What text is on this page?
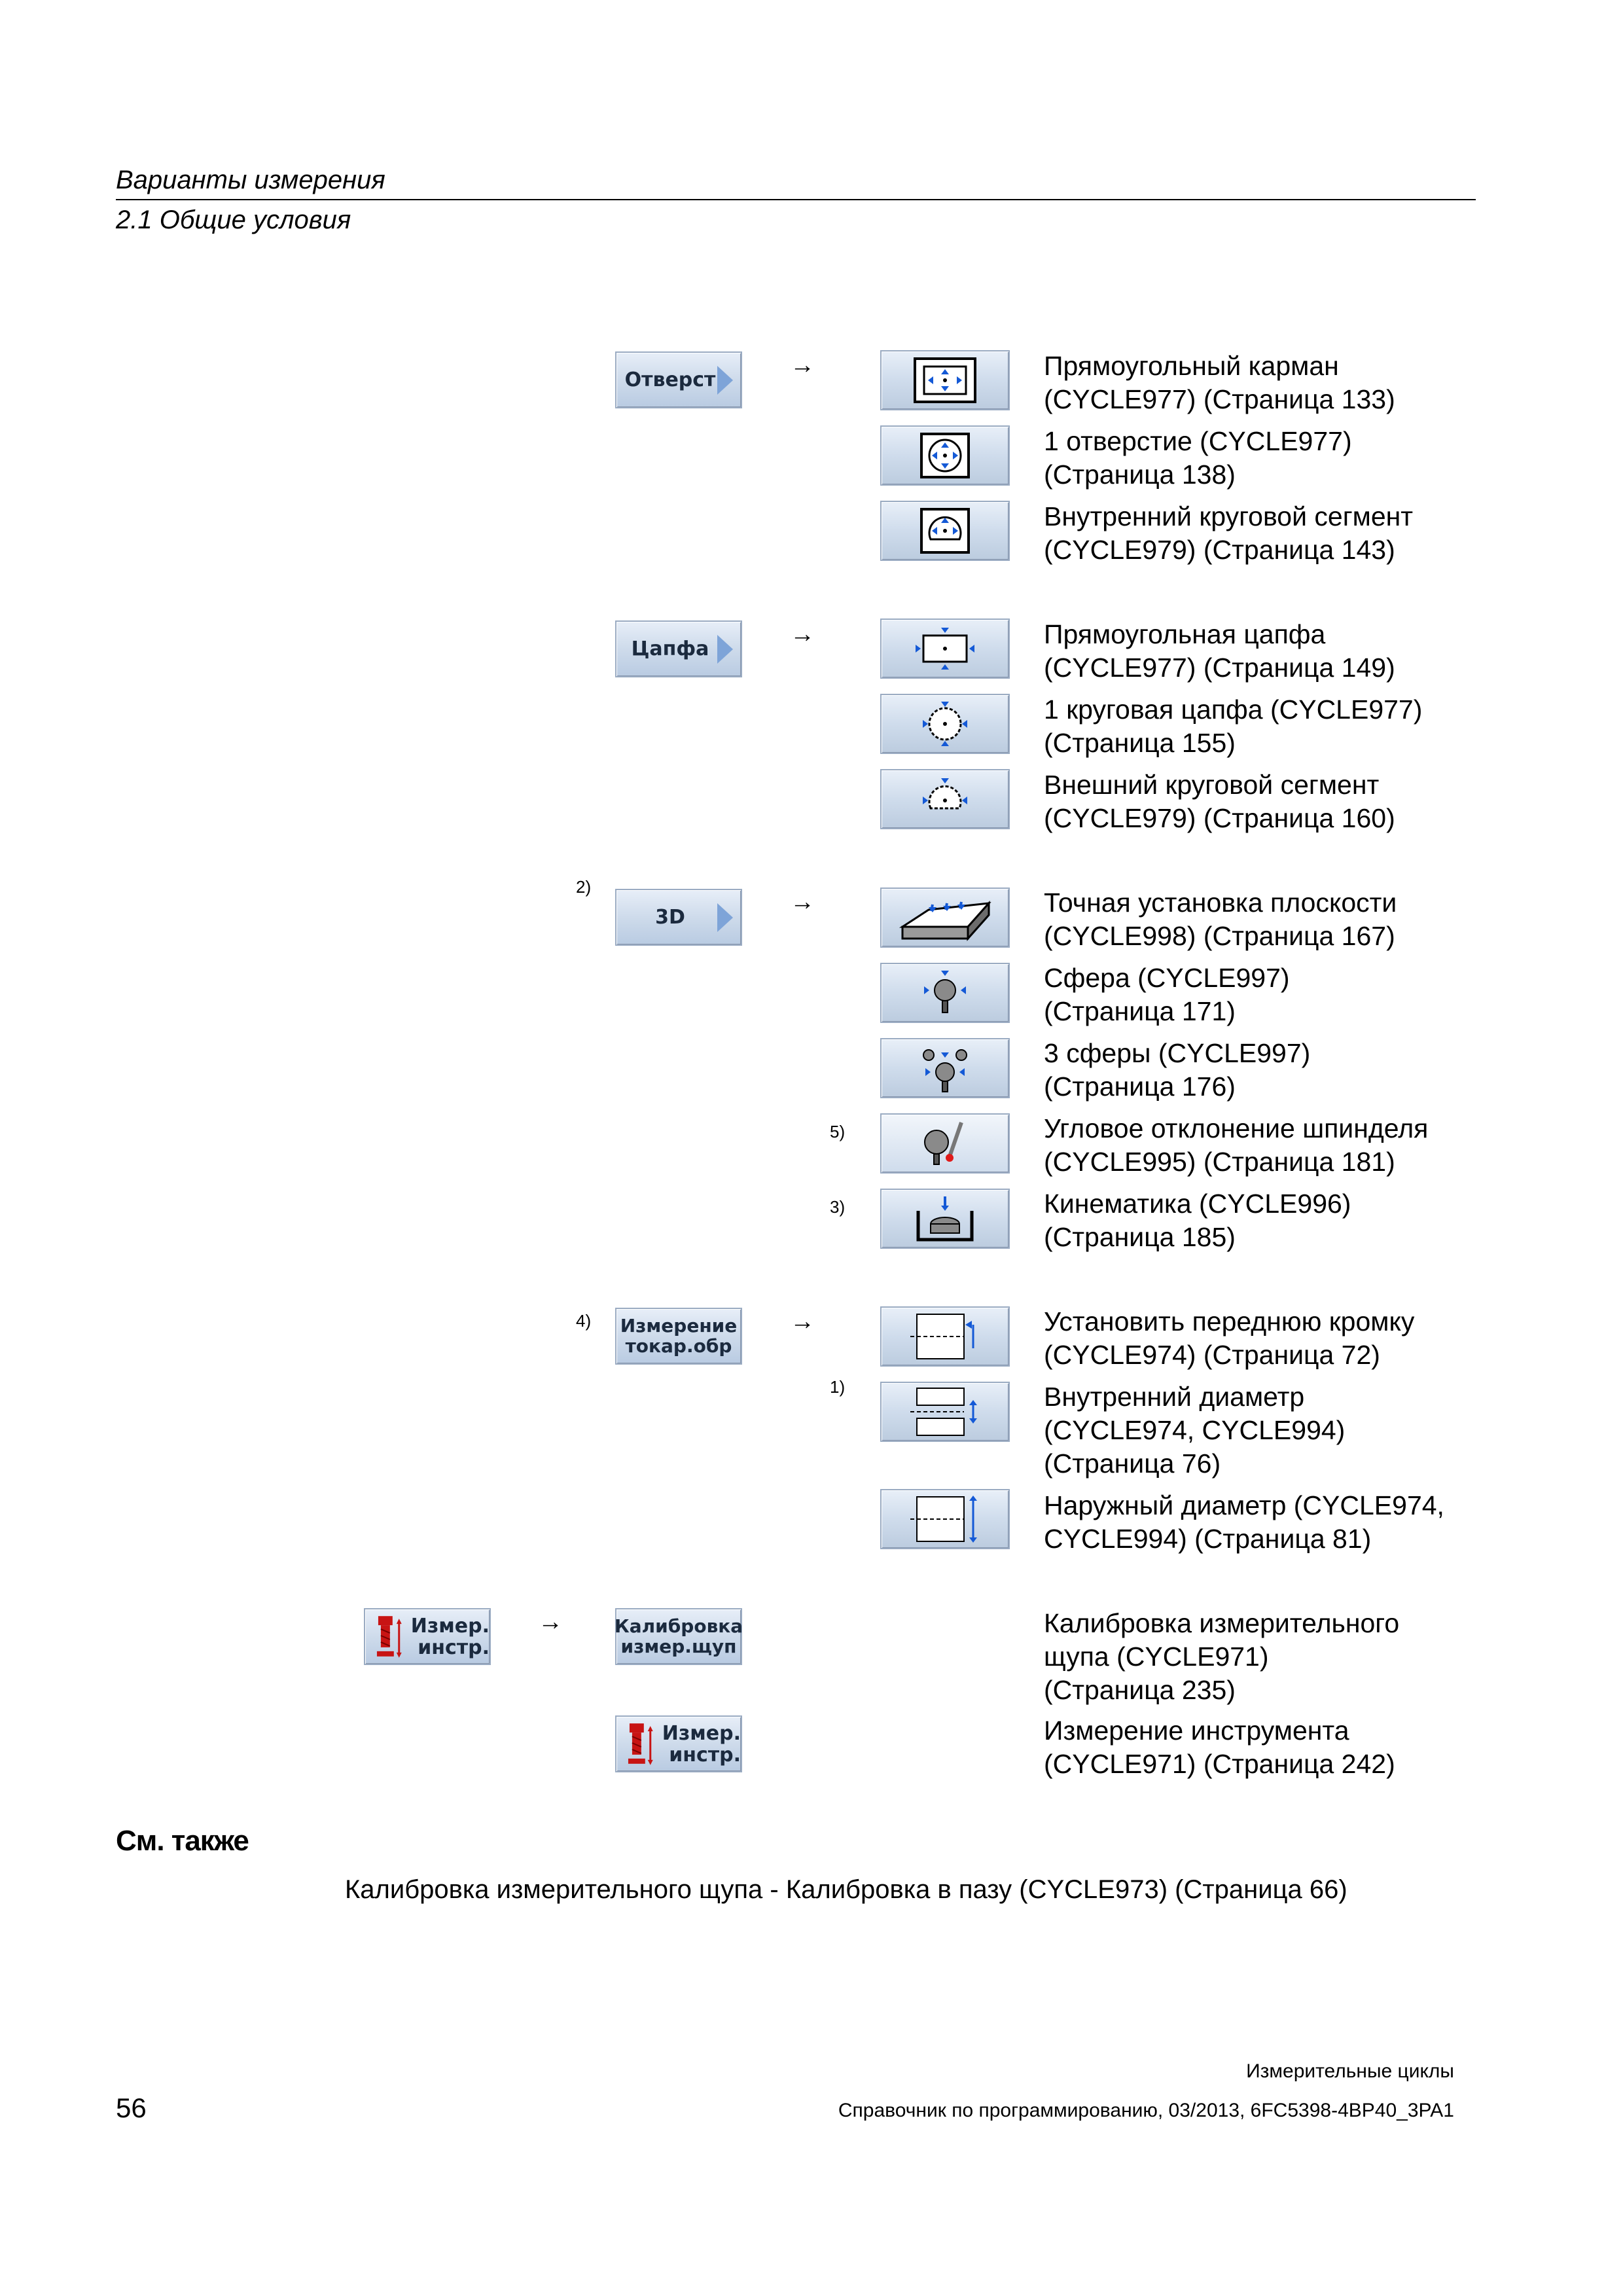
Варианты измерения
2.1 Общие условия
Отверст
→	Прямоугольный карман
(CYCLE977) (Страница 133)
1 отверстие (CYCLE977)
(Страница 138)
Внутренний круговой сегмент
(CYCLE979) (Страница 143)
Цапфа
→	Прямоугольная цапфа
(CYCLE977) (Страница 149)
1 круговая цапфа (CYCLE977)
(Страница 155)
Внешний круговой сегмент
(CYCLE979) (Страница 160)
2)
3D
→	Точная установка плоскости
(CYCLE998) (Страница 167)
Сфера (CYCLE997)
(Страница 171)
3 сферы (CYCLE997)
(Страница 176)
5)	Угловое отклонение шпинделя
(CYCLE995) (Страница 181)
3)	Кинематика (CYCLE996)
(Страница 185)
4) Измерение
токар.обр
→	Установить переднюю кромку
(CYCLE974) (Страница 72)
1)	Внутренний диаметр
(CYCLE974, CYCLE994)
(Страница 76)
Наружный диаметр (CYCLE974,
CYCLE994) (Страница 81)
Измер.
инстр.
→	Калибровка
измер.щуп
Калибровка измерительного
щупа (CYCLE971)
(Страница 235)
Измер.
инстр.
Измерение инструмента
(CYCLE971) (Страница 242)
См. также
Калибровка измерительного щупа - Калибровка в пазу (CYCLE973) (Страница 66)
Измерительные циклы
Справочник по программированию, 03/2013, 6FC5398-4BP40_3PA1
56
